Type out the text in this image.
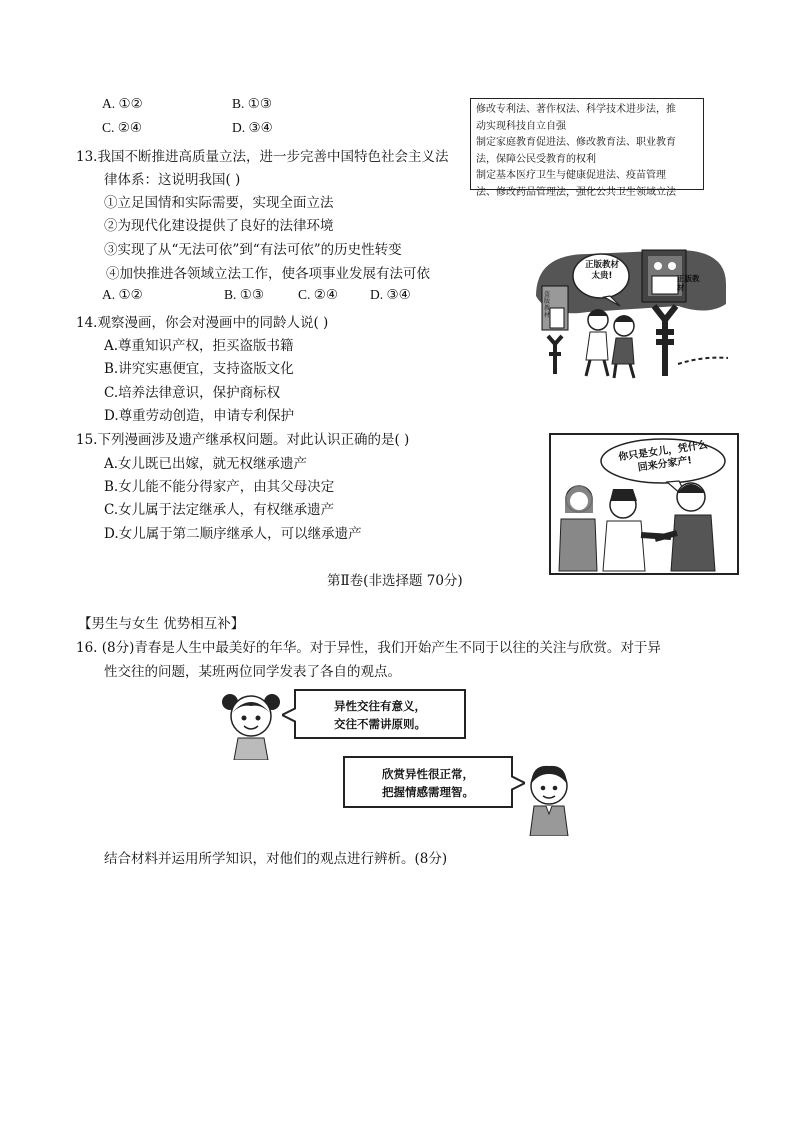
A. ①②	B. ①③
C. ②④	D. ③④
修改专利法、著作权法、科学技术进步法，推
动实现科技自立自强
制定家庭教育促进法、修改教育法、职业教育
法，保障公民受教育的权利
制定基本医疗卫生与健康促进法、疫苗管理
法、修改药品管理法，强化公共卫生领域立法
13.我国不断推进高质量立法，进一步完善中国特色社会主义法
律体系：这说明我国( )
①立足国情和实际需要，实现全面立法
②为现代化建设提供了良好的法律环境
③实现了从“无法可依”到“有法可依”的历史性转变
④加快推进各领域立法工作，使各项事业发展有法可依
A. ①②	B. ①③	C. ②④ D. ③④
正版教材太贵!	正版教材
盗版教材
14.观察漫画，你会对漫画中的同龄人说( )
A.尊重知识产权，拒买盗版书籍
B.讲究实惠便宜，支持盗版文化
C.培养法律意识，保护商标权
D.尊重劳动创造，申请专利保护
15.下列漫画涉及遗产继承权问题。对此认识正确的是( )
A.女儿既已出嫁，就无权继承遗产
B.女儿能不能分得家产，由其父母决定
C.女儿属于法定继承人，有权继承遗产
D.女儿属于第二顺序继承人，可以继承遗产
你只是女儿，凭什么回来分家产!
第Ⅱ卷(非选择题 70分)
【男生与女生 优势相互补】
16. (8分)青春是人生中最美好的年华。对于异性，我们开始产生不同于以往的关注与欣赏。对于异
性交往的问题，某班两位同学发表了各自的观点。
异性交往有意义，
交往不需讲原则。
欣赏异性很正常，
把握情感需理智。
结合材料并运用所学知识，对他们的观点进行辨析。(8分)
